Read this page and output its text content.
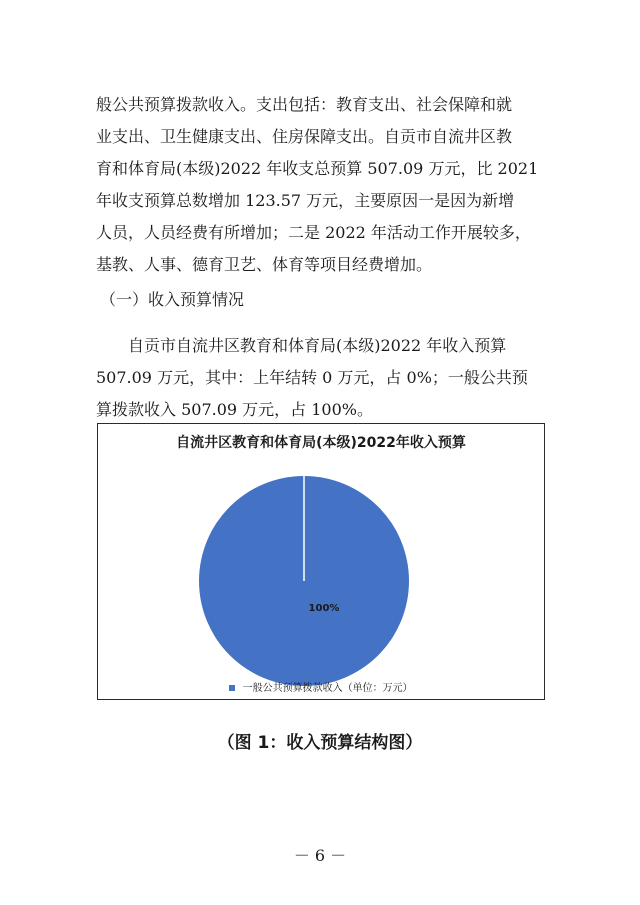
般公共预算拨款收入。支出包括：教育支出、社会保障和就
业支出、卫生健康支出、住房保障支出。自贡市自流井区教
育和体育局(本级)2022 年收支总预算 507.09 万元，比 2021
年收支预算总数增加 123.57 万元，主要原因一是因为新增
人员，人员经费有所增加；二是 2022 年活动工作开展较多，
基教、人事、德育卫艺、体育等项目经费增加。
（一）收入预算情况
自贡市自流井区教育和体育局(本级)2022 年收入预算
507.09 万元，其中：上年结转 0 万元，占 0%；一般公共预
算拨款收入 507.09 万元，占 100%。
自流井区教育和体育局(本级)2022年收入预算
100%
一般公共预算拨款收入（单位：万元）
（图 1：收入预算结构图）
－ 6 －
